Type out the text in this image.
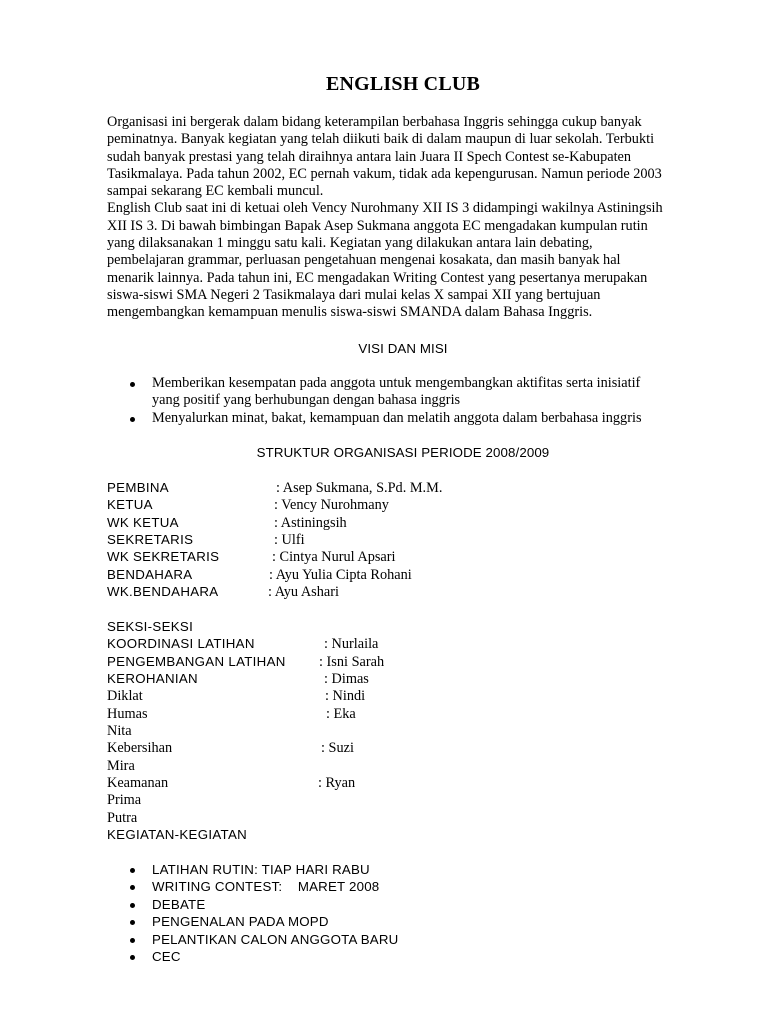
ENGLISH CLUB
Organisasi ini bergerak dalam bidang keterampilan berbahasa Inggris sehingga cukup banyak
peminatnya. Banyak kegiatan yang telah diikuti baik di dalam maupun di luar sekolah. Terbukti
sudah banyak prestasi yang telah diraihnya antara lain Juara II Spech Contest se-Kabupaten
Tasikmalaya. Pada tahun 2002, EC pernah vakum, tidak ada kepengurusan. Namun periode 2003
sampai sekarang EC kembali muncul.
English Club saat ini di ketuai oleh Vency Nurohmany XII IS 3 didampingi wakilnya Astiningsih
XII IS 3. Di bawah bimbingan Bapak Asep Sukmana anggota EC mengadakan kumpulan rutin
yang dilaksanakan 1 minggu satu kali. Kegiatan yang dilakukan antara lain debating,
pembelajaran grammar, perluasan pengetahuan mengenai kosakata, dan masih banyak hal
menarik lainnya. Pada tahun ini, EC mengadakan Writing Contest yang pesertanya merupakan
siswa-siswi SMA Negeri 2 Tasikmalaya dari mulai kelas X sampai XII yang bertujuan
mengembangkan kemampuan menulis siswa-siswi SMANDA dalam Bahasa Inggris.
VISI DAN MISI
Memberikan kesempatan pada anggota untuk mengembangkan aktifitas serta inisiatif
yang positif yang berhubungan dengan bahasa inggris
Menyalurkan minat, bakat, kemampuan dan melatih anggota dalam berbahasa inggris
STRUKTUR ORGANISASI PERIODE 2008/2009
PEMBINA	: Asep Sukmana, S.Pd. M.M.
KETUA	: Vency Nurohmany
WK KETUA	: Astiningsih
SEKRETARIS	: Ulfi
WK SEKRETARIS	: Cintya Nurul Apsari
BENDAHARA	: Ayu Yulia Cipta Rohani
WK.BENDAHARA	: Ayu Ashari
SEKSI-SEKSI
KOORDINASI LATIHAN	: Nurlaila
PENGEMBANGAN LATIHAN : Isni Sarah
KEROHANIAN	: Dimas
Diklat	: Nindi
Humas	: Eka
Nita
Kebersihan	: Suzi
Mira
Keamanan	: Ryan
Prima
Putra
KEGIATAN-KEGIATAN
LATIHAN RUTIN: TIAP HARI RABU
WRITING CONTEST:    MARET 2008
DEBATE
PENGENALAN PADA MOPD
PELANTIKAN CALON ANGGOTA BARU
CEC
